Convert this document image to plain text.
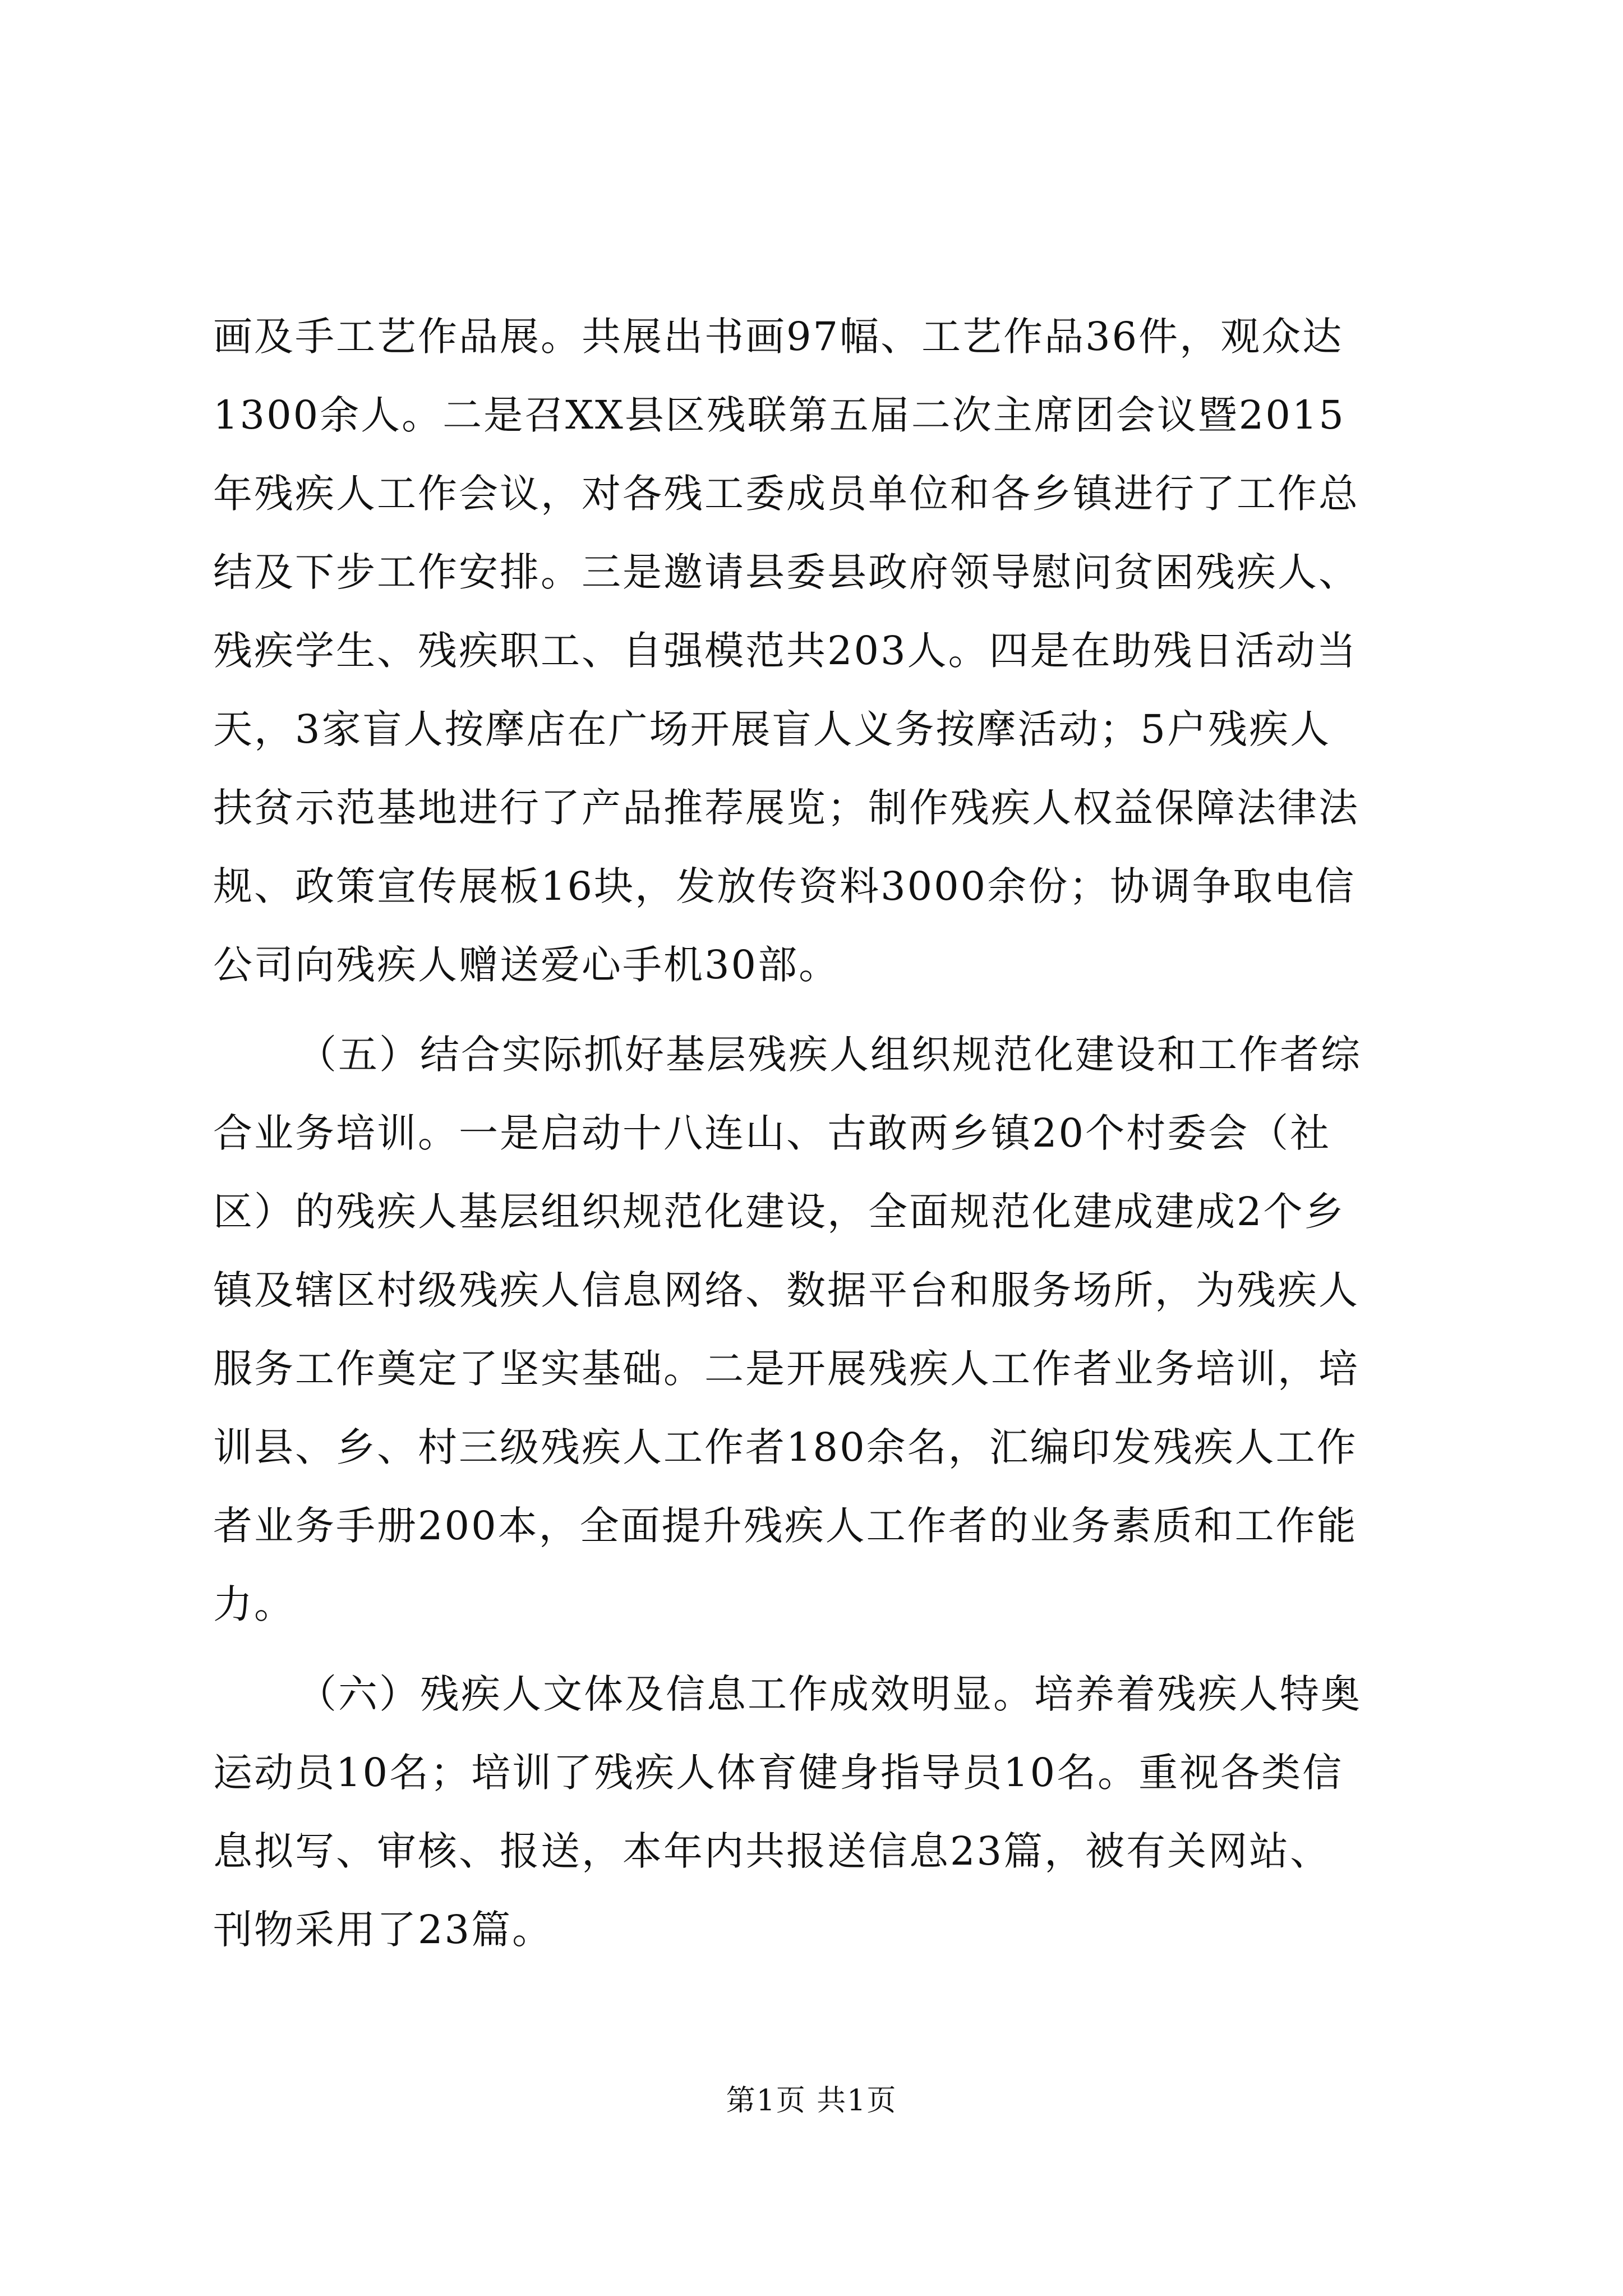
画及手工艺作品展。共展出书画97幅、工艺作品36件，观众达
1300余人。二是召XX县区残联第五届二次主席团会议暨2015
年残疾人工作会议，对各残工委成员单位和各乡镇进行了工作总
结及下步工作安排。三是邀请县委县政府领导慰问贫困残疾人、
残疾学生、残疾职工、自强模范共203人。四是在助残日活动当
天，3家盲人按摩店在广场开展盲人义务按摩活动；5户残疾人
扶贫示范基地进行了产品推荐展览；制作残疾人权益保障法律法
规、政策宣传展板16块，发放传资料3000余份；协调争取电信
公司向残疾人赠送爱心手机30部。
（五）结合实际抓好基层残疾人组织规范化建设和工作者综
合业务培训。一是启动十八连山、古敢两乡镇20个村委会（社
区）的残疾人基层组织规范化建设，全面规范化建成建成2个乡
镇及辖区村级残疾人信息网络、数据平台和服务场所，为残疾人
服务工作奠定了坚实基础。二是开展残疾人工作者业务培训，培
训县、乡、村三级残疾人工作者180余名，汇编印发残疾人工作
者业务手册200本，全面提升残疾人工作者的业务素质和工作能
力。
（六）残疾人文体及信息工作成效明显。培养着残疾人特奥
运动员10名；培训了残疾人体育健身指导员10名。重视各类信
息拟写、审核、报送，本年内共报送信息23篇，被有关网站、
刊物采用了23篇。
第1页 共1页
